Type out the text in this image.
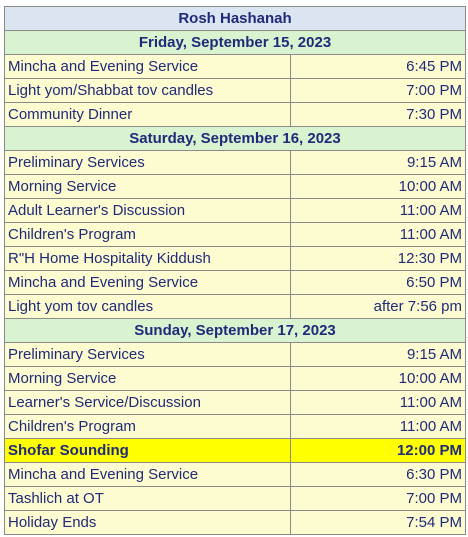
Rosh Hashanah	
Friday, September 15, 2023	
Mincha and Evening Service	6:45 PM
Light yom/Shabbat tov candles	7:00 PM
Community Dinner	7:30 PM
Saturday, September 16, 2023	
Preliminary Services	9:15 AM
Morning Service	10:00 AM
Adult Learner's Discussion	11:00 AM
Children's Program	11:00 AM
R"H Home Hospitality Kiddush	12:30 PM
Mincha and Evening Service	6:50 PM
Light yom tov candles	after 7:56 pm
Sunday, September 17, 2023	
Preliminary Services	9:15 AM
Morning Service	10:00 AM
Learner's Service/Discussion	11:00 AM
Children's Program	11:00 AM
Shofar Sounding	12:00 PM
Mincha and Evening Service	6:30 PM
Tashlich at OT	7:00 PM
Holiday Ends	7:54 PM
